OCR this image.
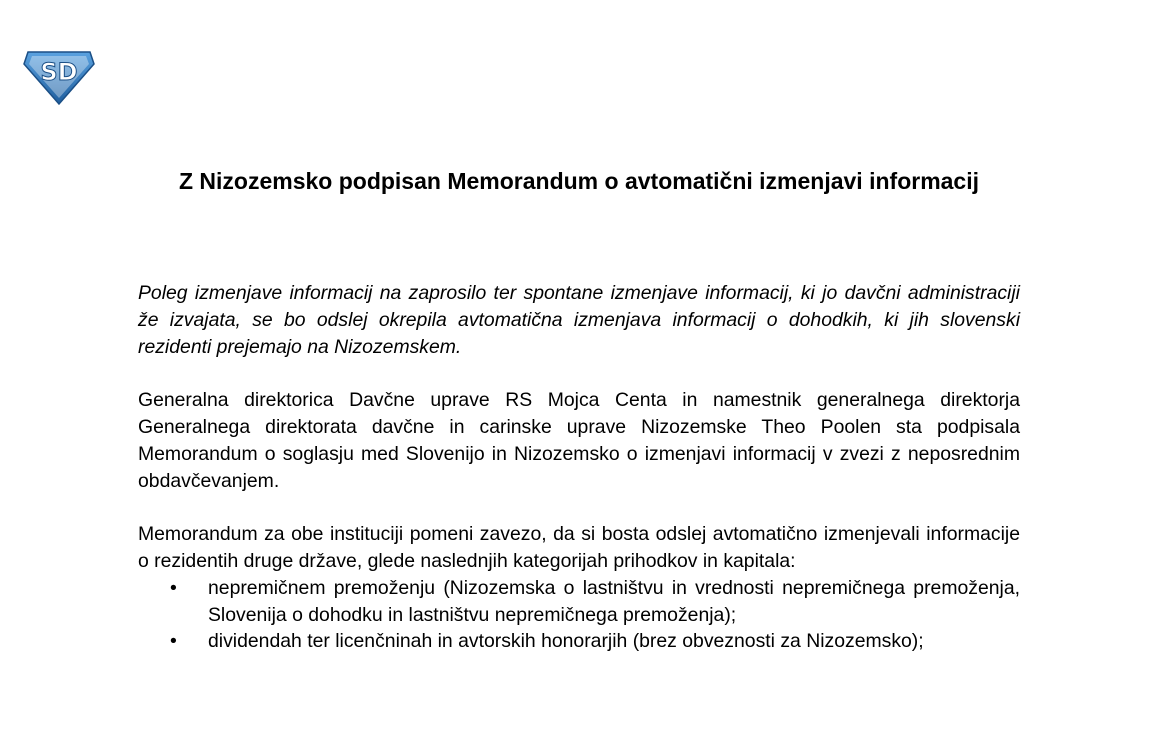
SD
Z Nizozemsko podpisan Memorandum o avtomatični izmenjavi informacij

Poleg izmenjave informacij na zaprosilo ter spontane izmenjave informacij, ki jo davčni administraciji že izvajata, se bo odslej okrepila avtomatična izmenjava informacij o dohodkih, ki jih slovenski rezidenti prejemajo na Nizozemskem.

Generalna direktorica Davčne uprave RS Mojca Centa in namestnik generalnega direktorja Generalnega direktorata davčne in carinske uprave Nizozemske Theo Poolen sta podpisala Memorandum o soglasju med Slovenijo in Nizozemsko o izmenjavi informacij v zvezi z neposrednim obdavčevanjem.

Memorandum za obe instituciji pomeni zavezo, da si bosta odslej avtomatično izmenjevali informacije o rezidentih druge države, glede naslednjih kategorijah prihodkov in kapitala:

• nepremičnem premoženju (Nizozemska o lastništvu in vrednosti nepremičnega premoženja, Slovenija o dohodku in lastništvu nepremičnega premoženja);
• dividendah ter licenčninah in avtorskih honorarjih (brez obveznosti za Nizozemsko);
